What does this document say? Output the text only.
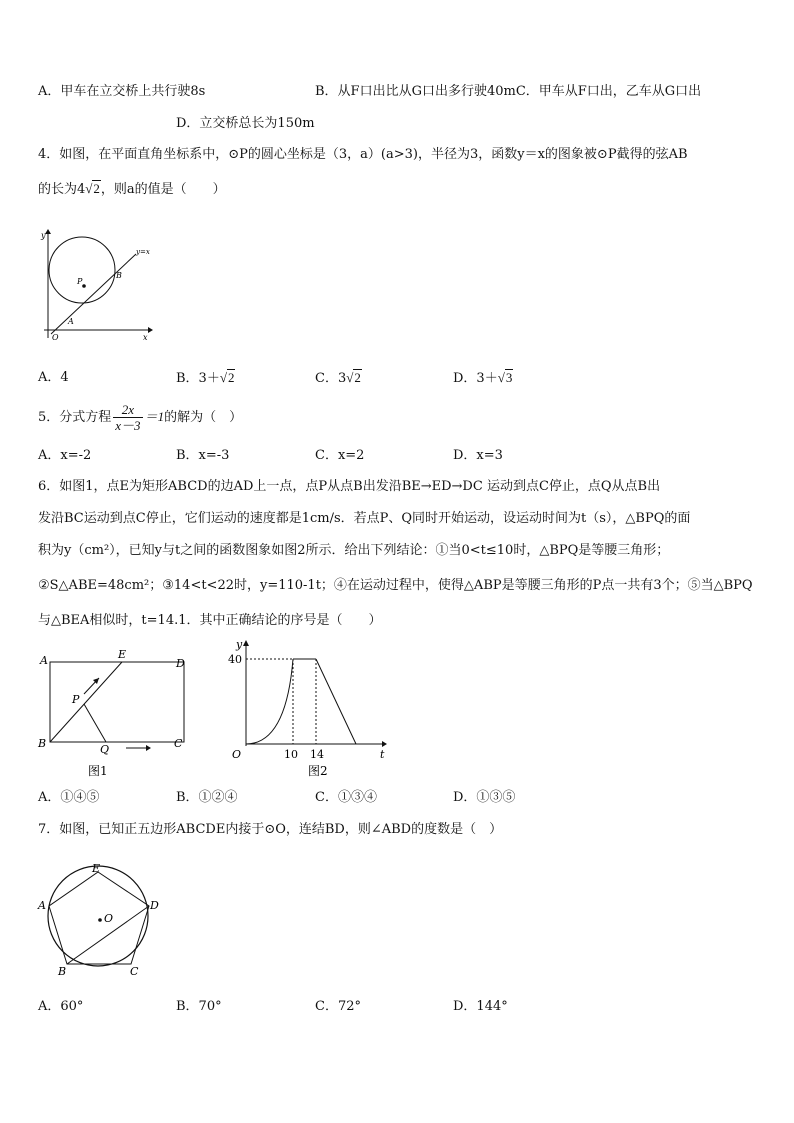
A．甲车在立交桥上共行驶8s	B．从F口出比从G口出多行驶40mC．甲车从F口出，乙车从G口出
D．立交桥总长为150m
4．如图，在平面直角坐标系中，⊙P的圆心坐标是（3，a）(a>3)，半径为3，函数y＝x的图象被⊙P截得的弦AB
的长为4√2，则a的值是（　　）
y
x
O
A
B
P
y=x
A．4	B．3＋√2	C．3√2	D．3＋√3
5．分式方程 $\frac{2x}{x-3} =1$的解为（　）
A．x=-2	B．x=-3	C．x=2	D．x=3
6．如图1，点E为矩形ABCD的边AD上一点，点P从点B出发沿BE→ED→DC 运动到点C停止，点Q从点B出
发沿BC运动到点C停止，它们运动的速度都是1cm/s．若点P、Q同时开始运动，设运动时间为t（s），△BPQ的面
积为y（cm²），已知y与t之间的函数图象如图2所示．给出下列结论：①当0<t≤10时，△BPQ是等腰三角形；
②S△ABE=48cm²；③14<t<22时，y=110-1t；④在运动过程中，使得△ABP是等腰三角形的P点一共有3个；⑤当△BPQ
与△BEA相似时，t=14.1．其中正确结论的序号是（　　）
A	E
D
P
B	Q	C
图1
y
t
O
40
10 14
图2
A．①④⑤	B．①②④	C．①③④	D．①③⑤
7．如图，已知正五边形ABCDE内接于⊙O，连结BD，则∠ABD的度数是（　）
E
D
A
B	C
O
A．60°	B．70°	C．72°	D．144°
